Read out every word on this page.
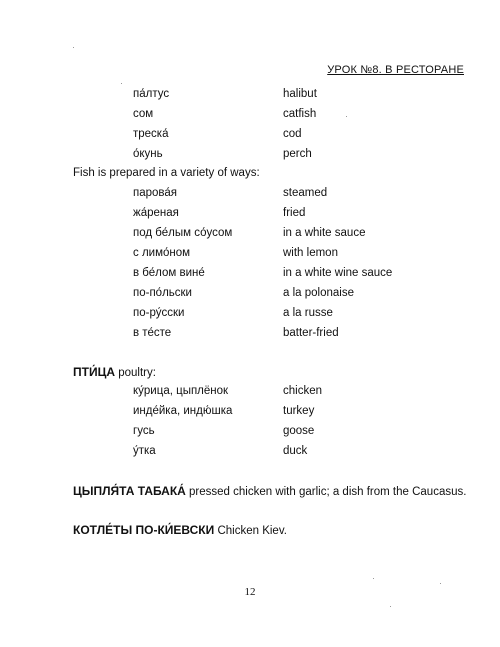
УРОК №8. В РЕСТОРАНЕ
па́лтус	halibut
сом	catfish
треска́	cod
о́кунь	perch
Fish is prepared in a variety of ways:
парова́я	steamed
жа́реная	fried
под бе́лым со́усом	in a white sauce
с лимо́ном	with lemon
в бе́лом вине́	in a white wine sauce
по-по́льски	a la polonaise
по-ру́сски	a la russe
в те́сте	batter-fried
ПТИ́ЦА poultry:
ку́рица, цыплёнок	chicken
инде́йка, индю́шка	turkey
гусь	goose
у́тка	duck
ЦЫПЛЯ́ТА ТАБАКА́ pressed chicken with garlic; a dish from the Caucasus.
КОТЛЕ́ТЫ ПО-КИ́ЕВСКИ Chicken Kiev.
12
